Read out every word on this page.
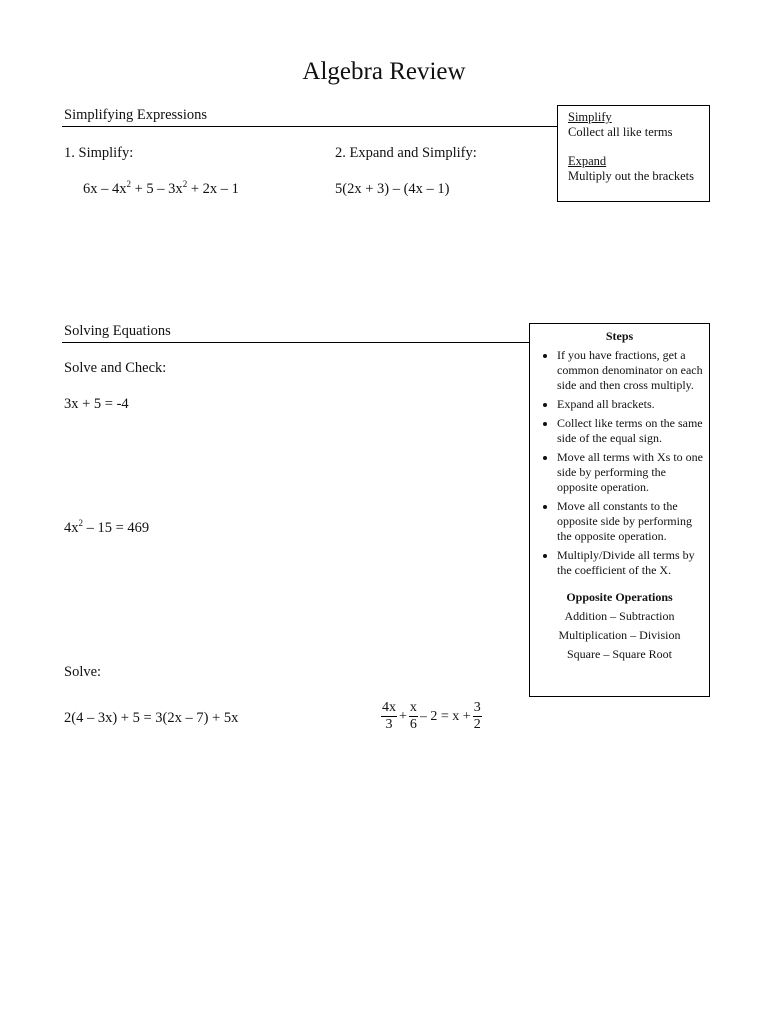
Algebra Review
Simplifying Expressions
1. Simplify:
$6x - 4x^2 + 5 - 3x^2 + 2x - 1$
2. Expand and Simplify:
5(2x + 3) – (4x – 1)
Simplify
Collect all like terms
Expand
Multiply out the brackets
Solving Equations
Solve and Check:
3x + 5 = -4
$4x^2 - 15 = 469$
Solve:
2(4 – 3x) + 5 = 3(2x – 7) + 5x	$\frac{4x}{3} + \frac{x}{6} - 2 = x + \frac{3}{2}$
Steps
• If you have fractions, get a common denominator on each side and then cross multiply.
• Expand all brackets.
• Collect like terms on the same side of the equal sign.
• Move all terms with Xs to one side by performing the opposite operation.
• Move all constants to the opposite side by performing the opposite operation.
• Multiply/Divide all terms by the coefficient of the X.
Opposite Operations
Addition – Subtraction
Multiplication – Division
Square – Square Root
